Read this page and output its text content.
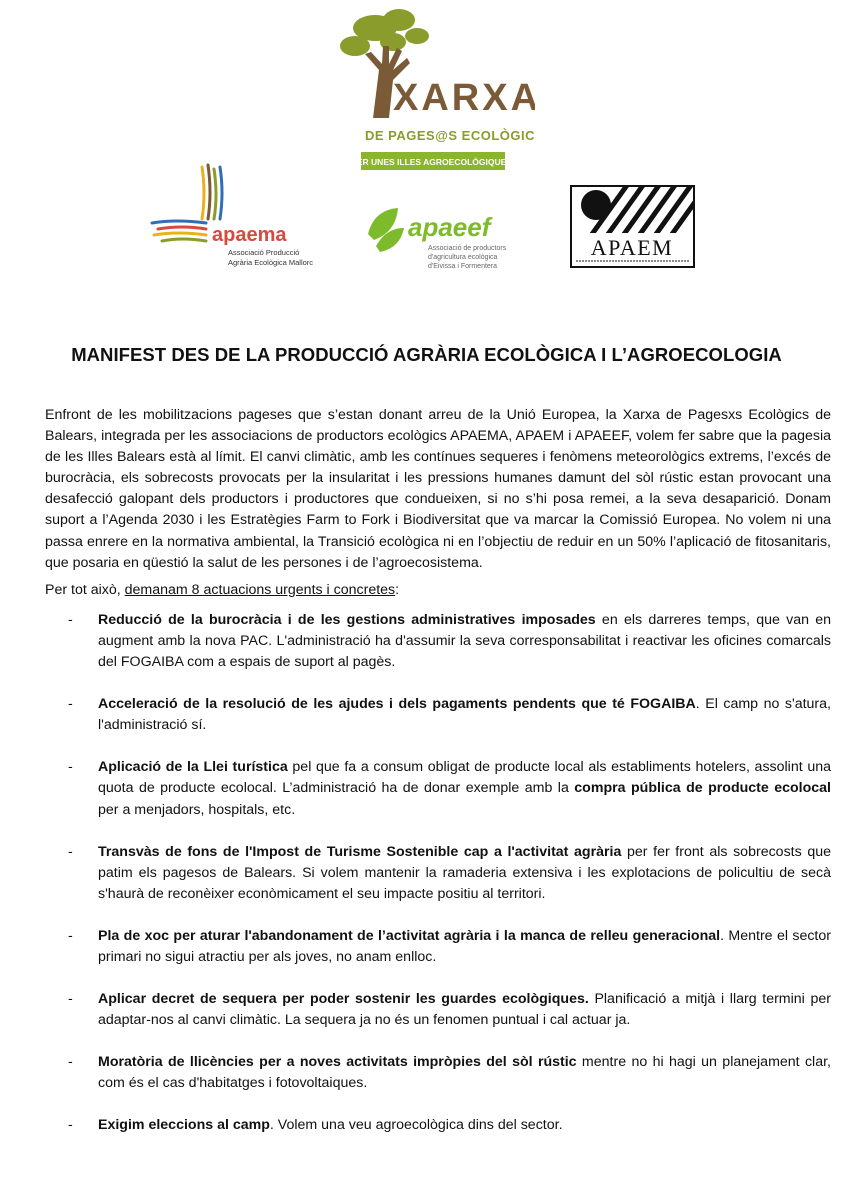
XARXA
DE PAGES@S ECOLÒGICS
PER UNES ILLES AGROECOLÒGIQUES!
apaema
Associació Producció
Agrària Ecològica Mallorca
apaeef
Associació de productors
d'agricultura ecològica
d'Eivissa i Formentera
APAEM
MANIFEST DES DE LA PRODUCCIÓ AGRÀRIA ECOLÒGICA I L’AGROECOLOGIA

Enfront de les mobilitzacions pageses que s’estan donant arreu de la Unió Europea, la Xarxa de Pagesxs Ecològics de Balears, integrada per les associacions de productors ecològics APAEMA, APAEM i APAEEF, volem fer sabre que la pagesia de les Illes Balears està al límit. El canvi climàtic, amb les contínues sequeres i fenòmens meteorològics extrems, l’excés de burocràcia, els sobrecosts provocats per la insularitat i les pressions humanes damunt del sòl rústic estan provocant una desafecció galopant dels productors i productores que condueixen, si no s’hi posa remei, a la seva desaparició. Donam suport a l’Agenda 2030 i les Estratègies Farm to Fork i Biodiversitat que va marcar la Comissió Europea. No volem ni una passa enrere en la normativa ambiental, la Transició ecològica ni en l’objectiu de reduir en un 50% l’aplicació de fitosanitaris, que posaria en qüestió la salut de les persones i de l’agroecosistema.

Per tot això, demanam 8 actuacions urgents i concretes:

- Reducció de la burocràcia i de les gestions administratives imposades en els darreres temps, que van en augment amb la nova PAC. L'administració ha d'assumir la seva corresponsabilitat i reactivar les oficines comarcals del FOGAIBA com a espais de suport al pagès.
- Acceleració de la resolució de les ajudes i dels pagaments pendents que té FOGAIBA. El camp no s'atura, l'administració sí.
- Aplicació de la Llei turística pel que fa a consum obligat de producte local als establiments hotelers, assolint una quota de producte ecolocal. L’administració ha de donar exemple amb la compra pública de producte ecolocal per a menjadors, hospitals, etc.
- Transvàs de fons de l'Impost de Turisme Sostenible cap a l'activitat agrària per fer front als sobrecosts que patim els pagesos de Balears. Si volem mantenir la ramaderia extensiva i les explotacions de policultiu de secà s'haurà de reconèixer econòmicament el seu impacte positiu al territori.
- Pla de xoc per aturar l'abandonament de l’activitat agrària i la manca de relleu generacional. Mentre el sector primari no sigui atractiu per als joves, no anam enlloc.
- Aplicar decret de sequera per poder sostenir les guardes ecològiques. Planificació a mitjà i llarg termini per adaptar-nos al canvi climàtic. La sequera ja no és un fenomen puntual i cal actuar ja.
- Moratòria de llicències per a noves activitats impròpies del sòl rústic mentre no hi hagi un planejament clar, com és el cas d'habitatges i fotovoltaiques.
- Exigim eleccions al camp. Volem una veu agroecològica dins del sector.
